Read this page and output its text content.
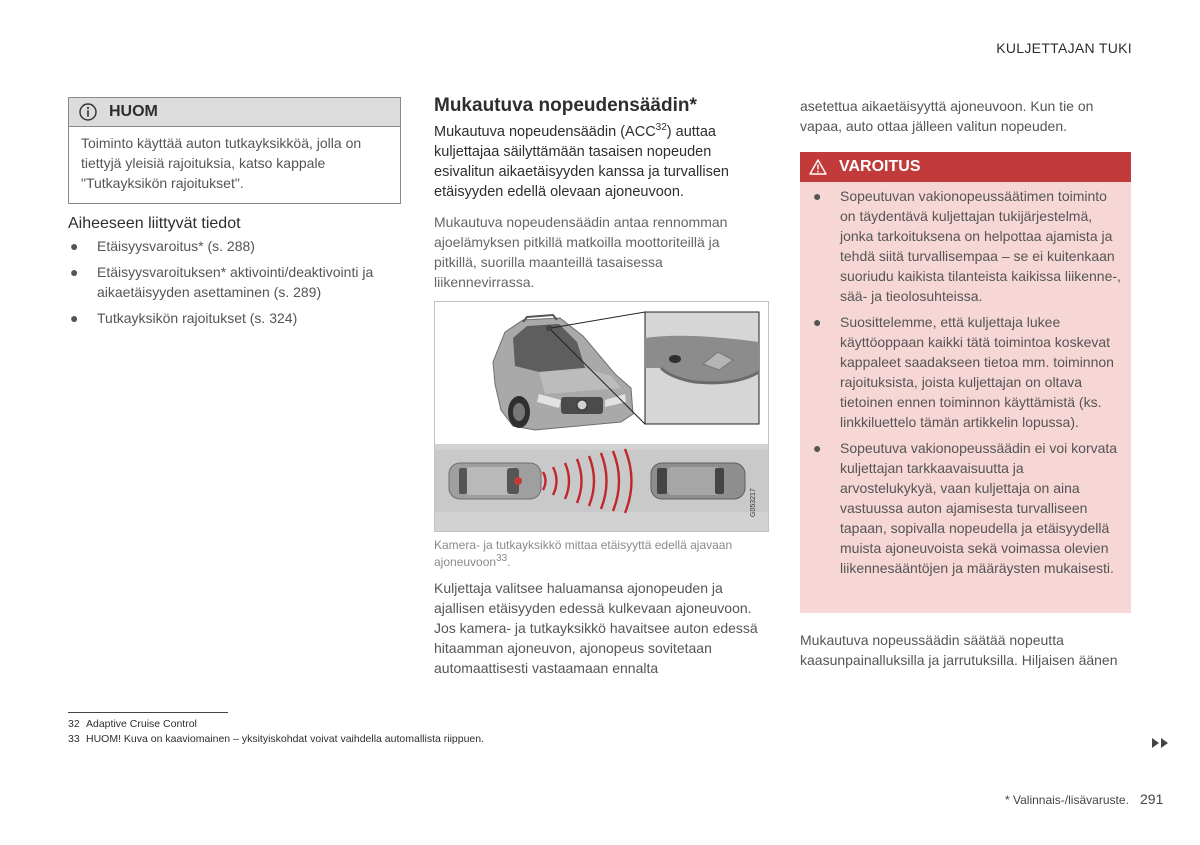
KULJETTAJAN TUKI
HUOM
Toiminto käyttää auton tutkayksikköä, jolla on tiettyjä yleisiä rajoituksia, katso kappale "Tutkayksikön rajoitukset".
Aiheeseen liittyvät tiedot
● Etäisyysvaroitus* (s. 288)
● Etäisyysvaroituksen* aktivointi/deaktivointi ja aikaetäisyyden asettaminen (s. 289)
● Tutkayksikön rajoitukset (s. 324)
Mukautuva nopeudensäädin*
Mukautuva nopeudensäädin (ACC$^{32}$) auttaa kuljettajaa säilyttämään tasaisen nopeuden esivalitun aikaetäisyyden kanssa ja turvallisen etäisyyden edellä olevaan ajoneuvoon.
Mukautuva nopeudensäädin antaa rennomman ajoelämyksen pitkillä matkoilla moottoriteillä ja pitkillä, suorilla maanteillä tasaisessa liikennevirrassa.
G053217
Kamera- ja tutkayksikkö mittaa etäisyyttä edellä ajavaan ajoneuvoon$^{33}$.
Kuljettaja valitsee haluamansa ajonopeuden ja ajallisen etäisyyden edessä kulkevaan ajoneuvoon. Jos kamera- ja tutkayksikkö havaitsee auton edessä hitaamman ajoneuvon, ajonopeus sovitetaan automaattisesti vastaamaan ennalta
asetettua aikaetäisyyttä ajoneuvoon. Kun tie on vapaa, auto ottaa jälleen valitun nopeuden.
VAROITUS
● Sopeutuvan vakionopeussäätimen toiminto on täydentävä kuljettajan tukijärjestelmä, jonka tarkoituksena on helpottaa ajamista ja tehdä siitä turvallisempaa – se ei kuitenkaan suoriudu kaikista tilanteista kaikissa liikenne-, sää- ja tieolosuhteissa.
● Suosittelemme, että kuljettaja lukee käyttöoppaan kaikki tätä toimintoa koskevat kappaleet saadakseen tietoa mm. toiminnon rajoituksista, joista kuljettajan on oltava tietoinen ennen toiminnon käyttämistä (ks. linkkiluettelo tämän artikkelin lopussa).
● Sopeutuva vakionopeussäädin ei voi korvata kuljettajan tarkkaavaisuutta ja arvostelukykyä, vaan kuljettaja on aina vastuussa auton ajamisesta turvalliseen tapaan, sopivalla nopeudella ja etäisyydellä muista ajoneuvoista sekä voimassa olevien liikennesääntöjen ja määräysten mukaisesti.
Mukautuva nopeussäädin säätää nopeutta kaasunpainalluksilla ja jarrutuksilla. Hiljaisen äänen
32 Adaptive Cruise Control
33 HUOM! Kuva on kaaviomainen – yksityiskohdat voivat vaihdella automallista riippuen.
* Valinnais-/lisävaruste. 291
